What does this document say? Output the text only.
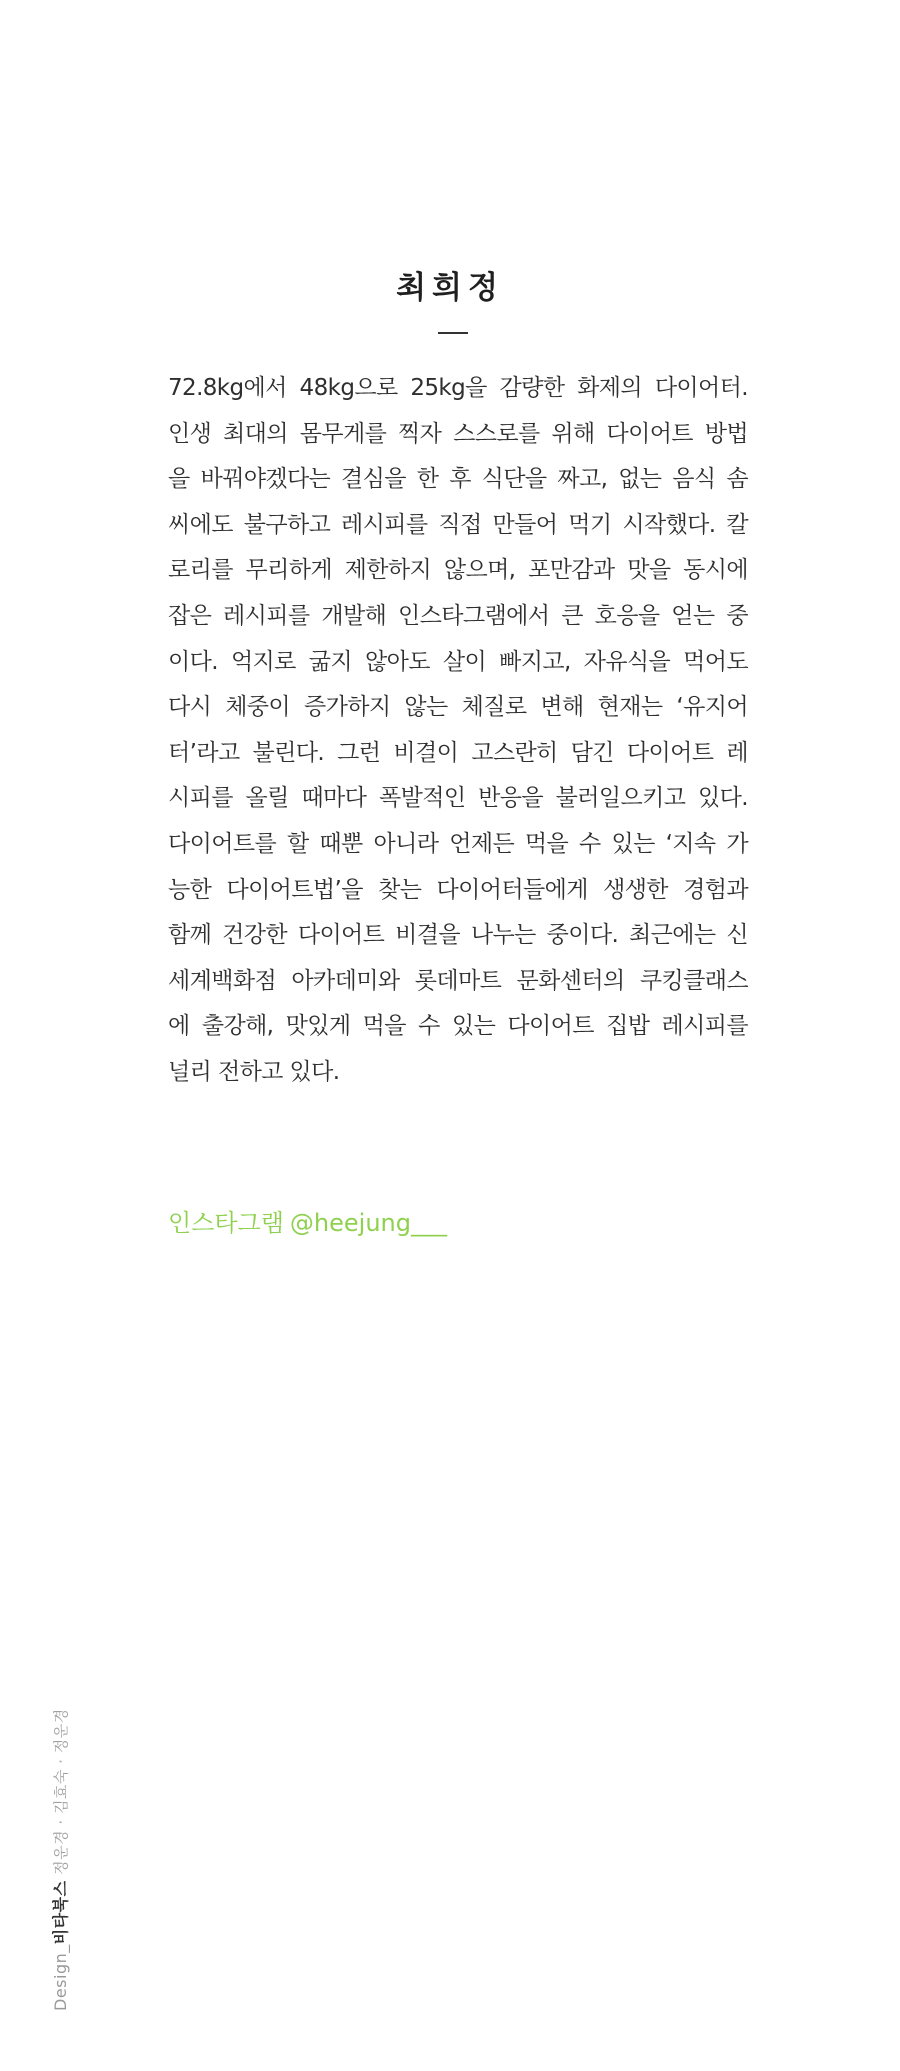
최희정
72.8kg에서 48kg으로 25kg을 감량한 화제의 다이어터.
인생 최대의 몸무게를 찍자 스스로를 위해 다이어트 방법
을 바꿔야겠다는 결심을 한 후 식단을 짜고, 없는 음식 솜
씨에도 불구하고 레시피를 직접 만들어 먹기 시작했다. 칼
로리를 무리하게 제한하지 않으며, 포만감과 맛을 동시에
잡은 레시피를 개발해 인스타그램에서 큰 호응을 얻는 중
이다. 억지로 굶지 않아도 살이 빠지고, 자유식을 먹어도
다시 체중이 증가하지 않는 체질로 변해 현재는 ‘유지어
터’라고 불린다. 그런 비결이 고스란히 담긴 다이어트 레
시피를 올릴 때마다 폭발적인 반응을 불러일으키고 있다.
다이어트를 할 때뿐 아니라 언제든 먹을 수 있는 ‘지속 가
능한 다이어트법’을 찾는 다이어터들에게 생생한 경험과
함께 건강한 다이어트 비결을 나누는 중이다. 최근에는 신
세계백화점 아카데미와 롯데마트 문화센터의 쿠킹클래스
에 출강해, 맛있게 먹을 수 있는 다이어트 집밥 레시피를
널리 전하고 있다.
인스타그램 @heejung___
Design_비타북스 정운경 · 김효숙 · 정운경
